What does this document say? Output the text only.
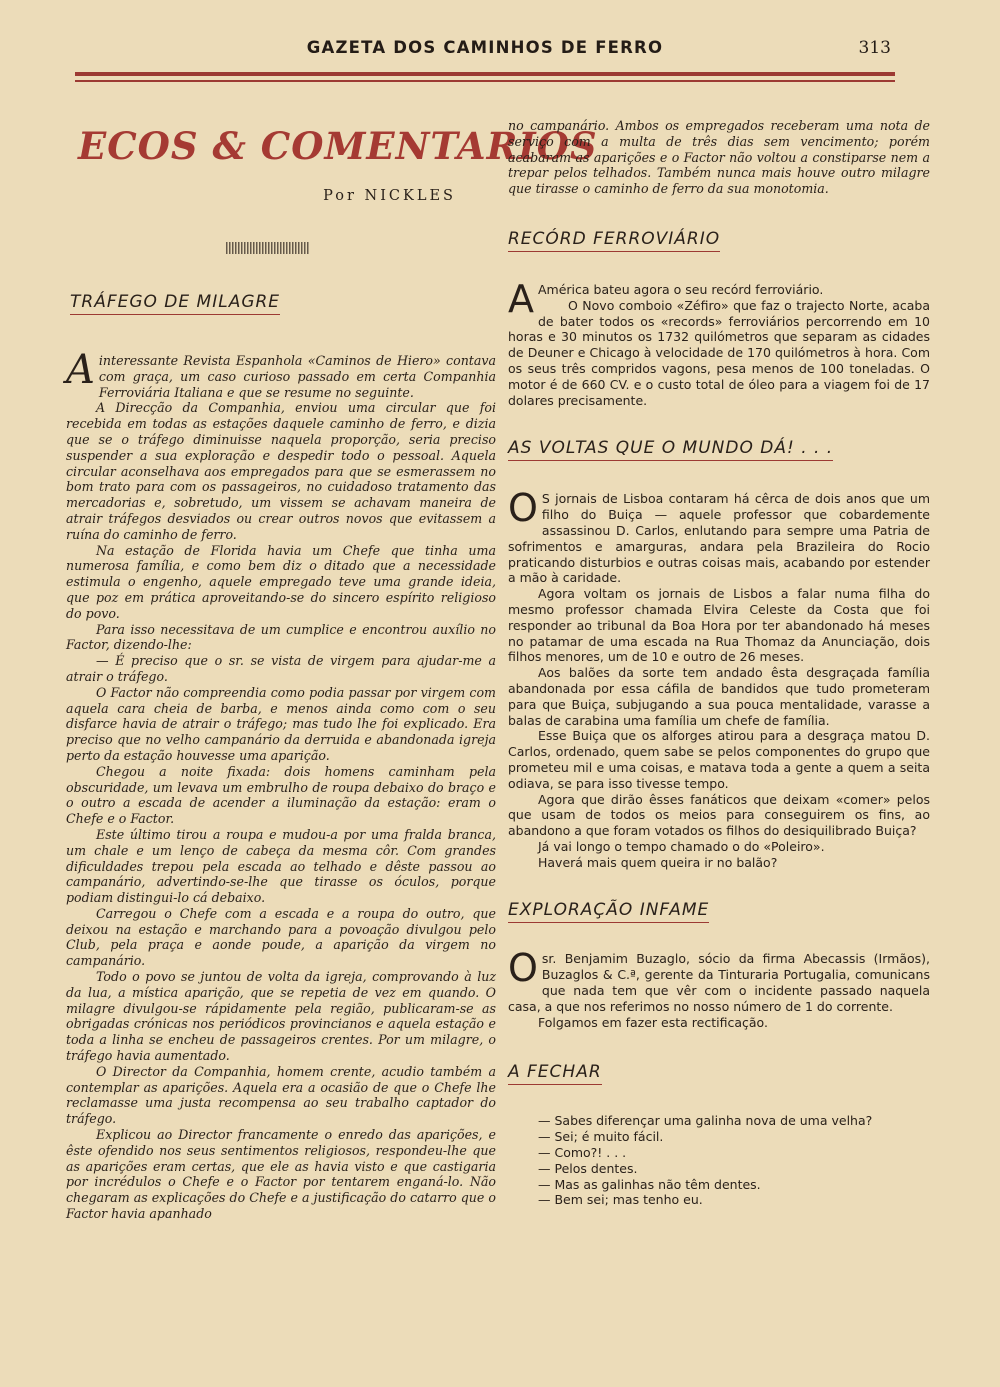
GAZETA DOS CAMINHOS DE FERRO	313
ECOS & COMENTARIOS
Por NICKLES
TRÁFEGO DE MILAGRE

Ainteressante Revista Espanhola «Caminos de Hiero» contava com graça, um caso curioso passado em certa Companhia Ferroviária Italiana e que se resume no seguinte.

A Direcção da Companhia, enviou uma circular que foi recebida em todas as estações daquele caminho de ferro, e dizia que se o tráfego diminuisse naquela proporção, seria preciso suspender a sua exploração e despedir todo o pessoal. Aquela circular aconselhava aos empregados para que se esmerassem no bom trato para com os passageiros, no cuidadoso tratamento das mercadorias e, sobretudo, um vissem se achavam maneira de atrair tráfegos desviados ou crear outros novos que evitassem a ruína do caminho de ferro.

Na estação de Florida havia um Chefe que tinha uma numerosa família, e como bem diz o ditado que a necessidade estimula o engenho, aquele empregado teve uma grande ideia, que poz em prática aproveitando-se do sincero espírito religioso do povo.

Para isso necessitava de um cumplice e encontrou auxílio no Factor, dizendo-lhe:

— É preciso que o sr. se vista de virgem para ajudar-me a atrair o tráfego.

O Factor não compreendia como podia passar por virgem com aquela cara cheia de barba, e menos ainda como com o seu disfarce havia de atrair o tráfego; mas tudo lhe foi explicado. Era preciso que no velho campanário da derruida e abandonada igreja perto da estação houvesse uma aparição.

Chegou a noite fixada: dois homens caminham pela obscuridade, um levava um embrulho de roupa debaixo do braço e o outro a escada de acender a iluminação da estação: eram o Chefe e o Factor.

Este último tirou a roupa e mudou-a por uma fralda branca, um chale e um lenço de cabeça da mesma côr. Com grandes dificuldades trepou pela escada ao telhado e dêste passou ao campanário, advertindo-se-lhe que tirasse os óculos, porque podiam distingui-lo cá debaixo.

Carregou o Chefe com a escada e a roupa do outro, que deixou na estação e marchando para a povoação divulgou pelo Club, pela praça e aonde poude, a aparição da virgem no campanário.

Todo o povo se juntou de volta da igreja, comprovando à luz da lua, a mística aparição, que se repetia de vez em quando. O milagre divulgou-se rápidamente pela região, publicaram-se as obrigadas crónicas nos periódicos provincianos e aquela estação e toda a linha se encheu de passageiros crentes. Por um milagre, o tráfego havia aumentado.

O Director da Companhia, homem crente, acudio também a contemplar as aparições. Aquela era a ocasião de que o Chefe lhe reclamasse uma justa recompensa ao seu trabalho captador do tráfego.

Explicou ao Director francamente o enredo das aparições, e êste ofendido nos seus sentimentos religiosos, respondeu-lhe que as aparições eram certas, que ele as havia visto e que castigaria por incrédulos o Chefe e o Factor por tentarem enganá-lo. Não chegaram as explicações do Chefe e a justificação do catarro que o Factor havia apanhado

no campanário. Ambos os empregados receberam uma nota de serviço com a multa de três dias sem vencimento; porém acabaram as aparições e o Factor não voltou a constiparse nem a trepar pelos telhados. Também nunca mais houve outro milagre que tirasse o caminho de ferro da sua monotomia.

RECÓRD FERROVIÁRIO

A América bateu agora o seu recórd ferroviário.

O Novo comboio «Zéfiro» que faz o trajecto Norte, acaba de bater todos os «records» ferroviários percorrendo em 10 horas e 30 minutos os 1732 quilómetros que separam as cidades de Deuner e Chicago à velocidade de 170 quilómetros à hora. Com os seus três compridos vagons, pesa menos de 100 toneladas. O motor é de 660 CV. e o custo total de óleo para a viagem foi de 17 dolares precisamente.

AS VOLTAS QUE O MUNDO DÁ! . . .

O S jornais de Lisboa contaram há cêrca de dois anos que um filho do Buiça — aquele professor que cobardemente assassinou D. Carlos, enlutando para sempre uma Patria de sofrimentos e amarguras, andara pela Brazileira do Rocio praticando disturbios e outras coisas mais, acabando por estender a mão à caridade.

Agora voltam os jornais de Lisbos a falar numa filha do mesmo professor chamada Elvira Celeste da Costa que foi responder ao tribunal da Boa Hora por ter abandonado há meses no patamar de uma escada na Rua Thomaz da Anunciação, dois filhos menores, um de 10 e outro de 26 meses.

Aos balões da sorte tem andado êsta desgraçada família abandonada por essa cáfila de bandidos que tudo prometeram para que Buiça, subjugando a sua pouca mentalidade, varasse a balas de carabina uma família um chefe de família.

Esse Buiça que os alforges atirou para a desgraça matou D. Carlos, ordenado, quem sabe se pelos componentes do grupo que prometeu mil e uma coisas, e matava toda a gente a quem a seita odiava, se para isso tivesse tempo.

Agora que dirão êsses fanáticos que deixam «comer» pelos que usam de todos os meios para conseguirem os fins, ao abandono a que foram votados os filhos do desiquilibrado Buiça?

Já vai longo o tempo chamado o do «Poleiro».

Haverá mais quem queira ir no balão?

EXPLORAÇÃO INFAME

Osr. Benjamim Buzaglo, sócio da firma Abecassis (Irmãos), Buzaglos & C.ª, gerente da Tinturaria Portugalia, comunicans que nada tem que vêr com o incidente passado naquela casa, a que nos referimos no nosso número de 1 do corrente.

Folgamos em fazer esta rectificação.

A FECHAR

— Sabes diferençar uma galinha nova de uma velha?

— Sei; é muito fácil.

— Como?! . . .

— Pelos dentes.

— Mas as galinhas não têm dentes.

— Bem sei; mas tenho eu.
